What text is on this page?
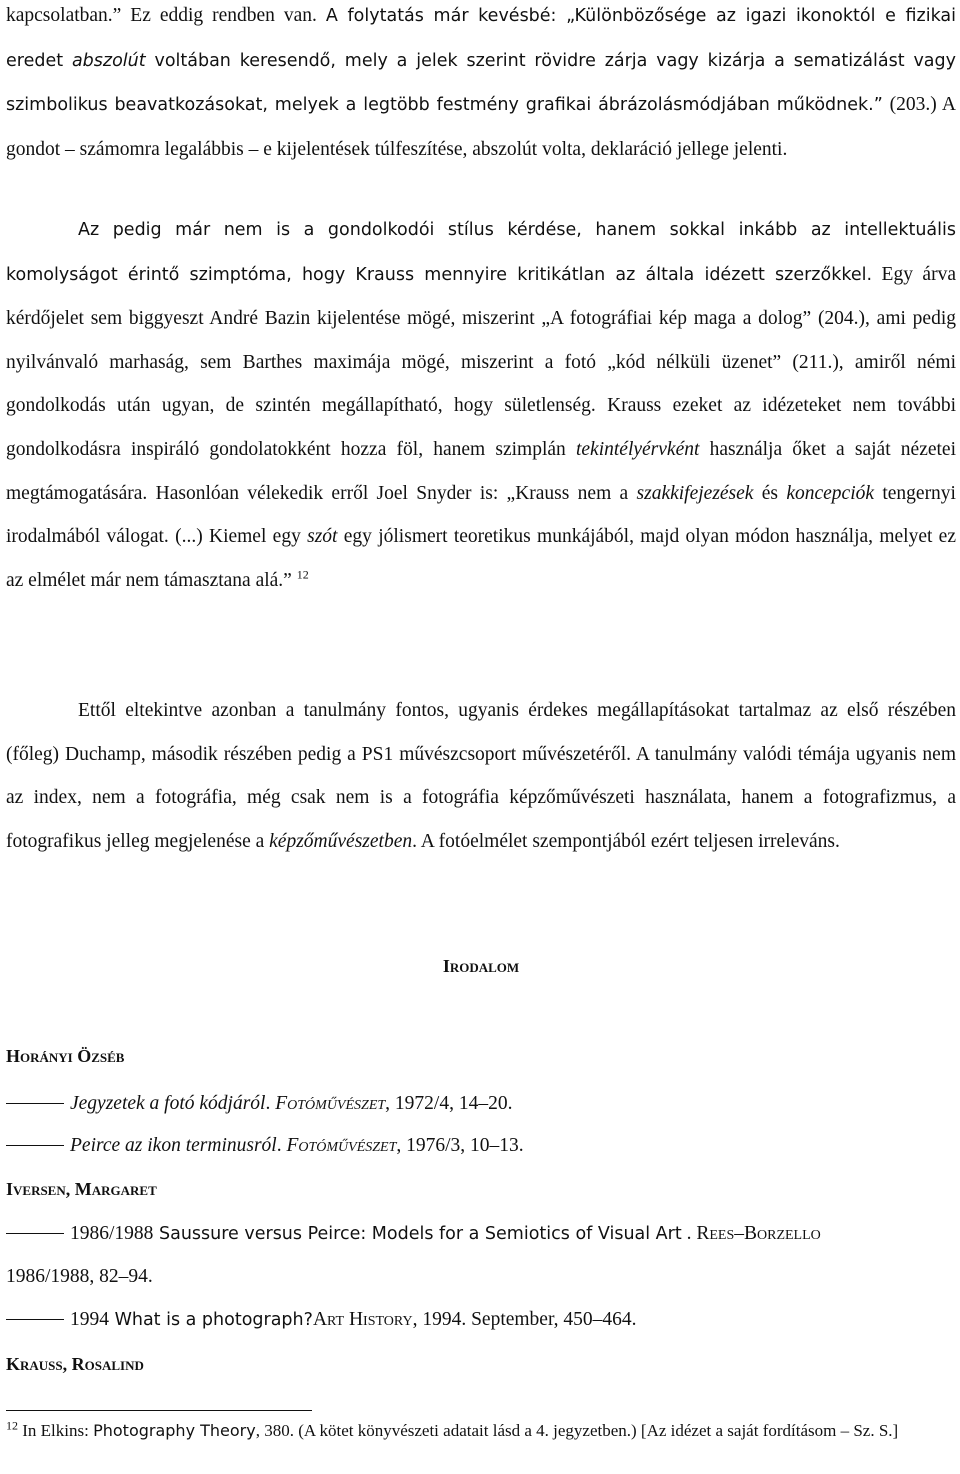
kapcsolatban.” Ez eddig rendben van. A folytatás már kevésbé: „Különbözősége az igazi ikonoktól e fizikai eredet abszolút voltában keresendő, mely a jelek szerint rövidre zárja vagy kizárja a sematizálást vagy szimbolikus beavatkozásokat, melyek a legtöbb festmény grafikai ábrázolásmódjában működnek.” (203.) A gondot – számomra legalábbis – e kijelentések túlfeszítése, abszolút volta, deklaráció jellege jelenti.

Az pedig már nem is a gondolkodói stílus kérdése, hanem sokkal inkább az intellektuális komolyságot érintő szimptóma, hogy Krauss mennyire kritikátlan az általa idézett szerzőkkel. Egy árva kérdőjelet sem biggyeszt André Bazin kijelentése mögé, miszerint „A fotográfiai kép maga a dolog” (204.), ami pedig nyilvánvaló marhaság, sem Barthes maximája mögé, miszerint a fotó „kód nélküli üzenet” (211.), amiről némi gondolkodás után ugyan, de szintén megállapítható, hogy sületlenség. Krauss ezeket az idézeteket nem további gondolkodásra inspiráló gondolatokként hozza föl, hanem szimplán tekintélyérvként használja őket a saját nézetei megtámogatására. Hasonlóan vélekedik erről Joel Snyder is: „Krauss nem a szakkifejezések és koncepciók tengernyi irodalmából válogat. (...) Kiemel egy szót egy jólismert teoretikus munkájából, majd olyan módon használja, melyet ez az elmélet már nem támasztana alá.” $^{12}$

Ettől eltekintve azonban a tanulmány fontos, ugyanis érdekes megállapításokat tartalmaz az első részében (főleg) Duchamp, második részében pedig a PS1 művészcsoport művészetéről. A tanulmány valódi témája ugyanis nem az index, nem a fotográfia, még csak nem is a fotográfia képzőművészeti használata, hanem a fotografizmus, a fotografikus jelleg megjelenése a képzőművészetben. A fotóelmélet szempontjából ezért teljesen irreleváns.

Irodalom
Horányi Özséb
Jegyzetek a fotó kódjáról. Fotóművészet, 1972/4, 14–20.
Peirce az ikon terminusról. Fotóművészet, 1976/3, 10–13.
Iversen, Margaret
1986/1988 Saussure versus Peirce: Models for a Semiotics of Visual Art . Rees–Borzello
1986/1988, 82–94.
1994 What is a photograph?Art History, 1994. September, 450–464.
Krauss, Rosalind
$^{12}$ In Elkins: Photography Theory, 380. (A kötet könyvészeti adatait lásd a 4. jegyzetben.) [Az idézet a saját fordításom – Sz. S.]
